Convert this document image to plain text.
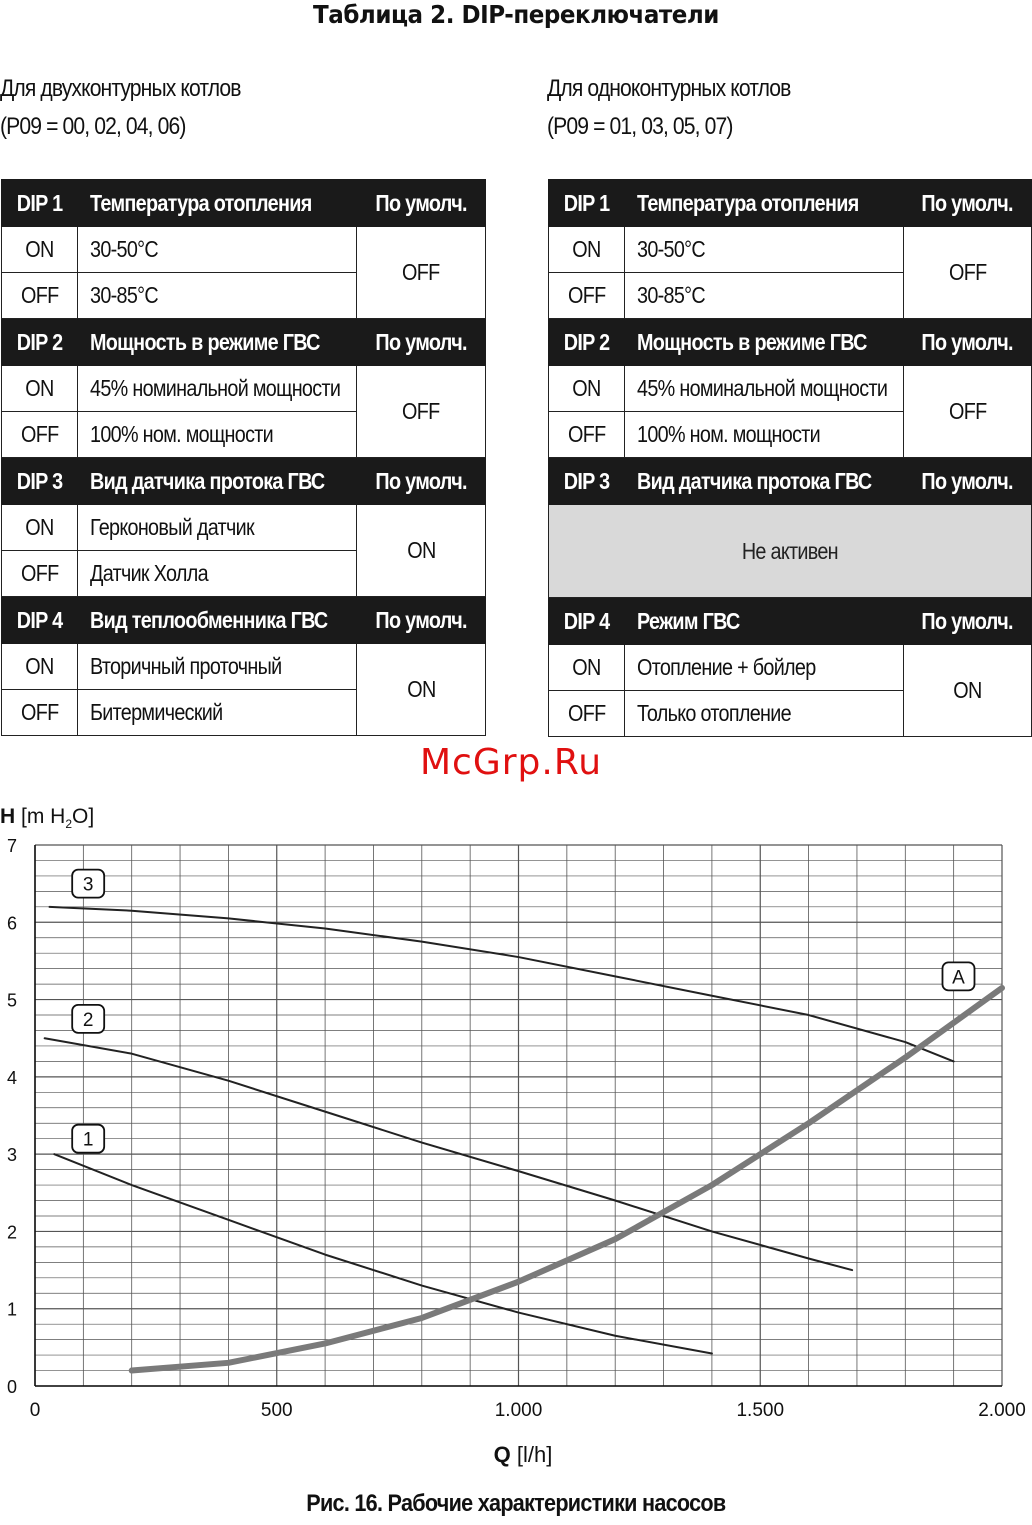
Таблица 2. DIP-переключатели
Для двухконтурных котлов
(P09 = 00, 02, 04, 06)
Для одноконтурных котлов
(P09 = 01, 03, 05, 07)
DIP 1	Температура отопления	По умолч.
ON	30-50°C	OFF
OFF	30-85°C	
DIP 2	Мощность в режиме ГВС	По умолч.
ON	45% номинальной мощности	OFF
OFF	100% ном. мощности	
DIP 3	Вид датчика протока ГВС	По умолч.
ON	Герконовый датчик	ON
OFF	Датчик Холла	
DIP 4	Вид теплообменника ГВС	По умолч.
ON	Вторичный проточный	ON
OFF	Битермический	
DIP 1	Температура отопления	По умолч.
ON	30-50°C	OFF
OFF	30-85°C	
DIP 2	Мощность в режиме ГВС	По умолч.
ON	45% номинальной мощности	OFF
OFF	100% ном. мощности	
DIP 3	Вид датчика протока ГВС	По умолч.
Не активен		
DIP 4	Режим ГВС	По умолч.
ON	Отопление + бойлер	ON
OFF	Только отопление	
McGrp.Ru
0
1
2
3
4
5
6
7
0	500	1.000	1.500	2.000
3
2
1
A
H [m $H_2O$]
Q [l/h]
Рис. 16. Рабочие характеристики насосов
